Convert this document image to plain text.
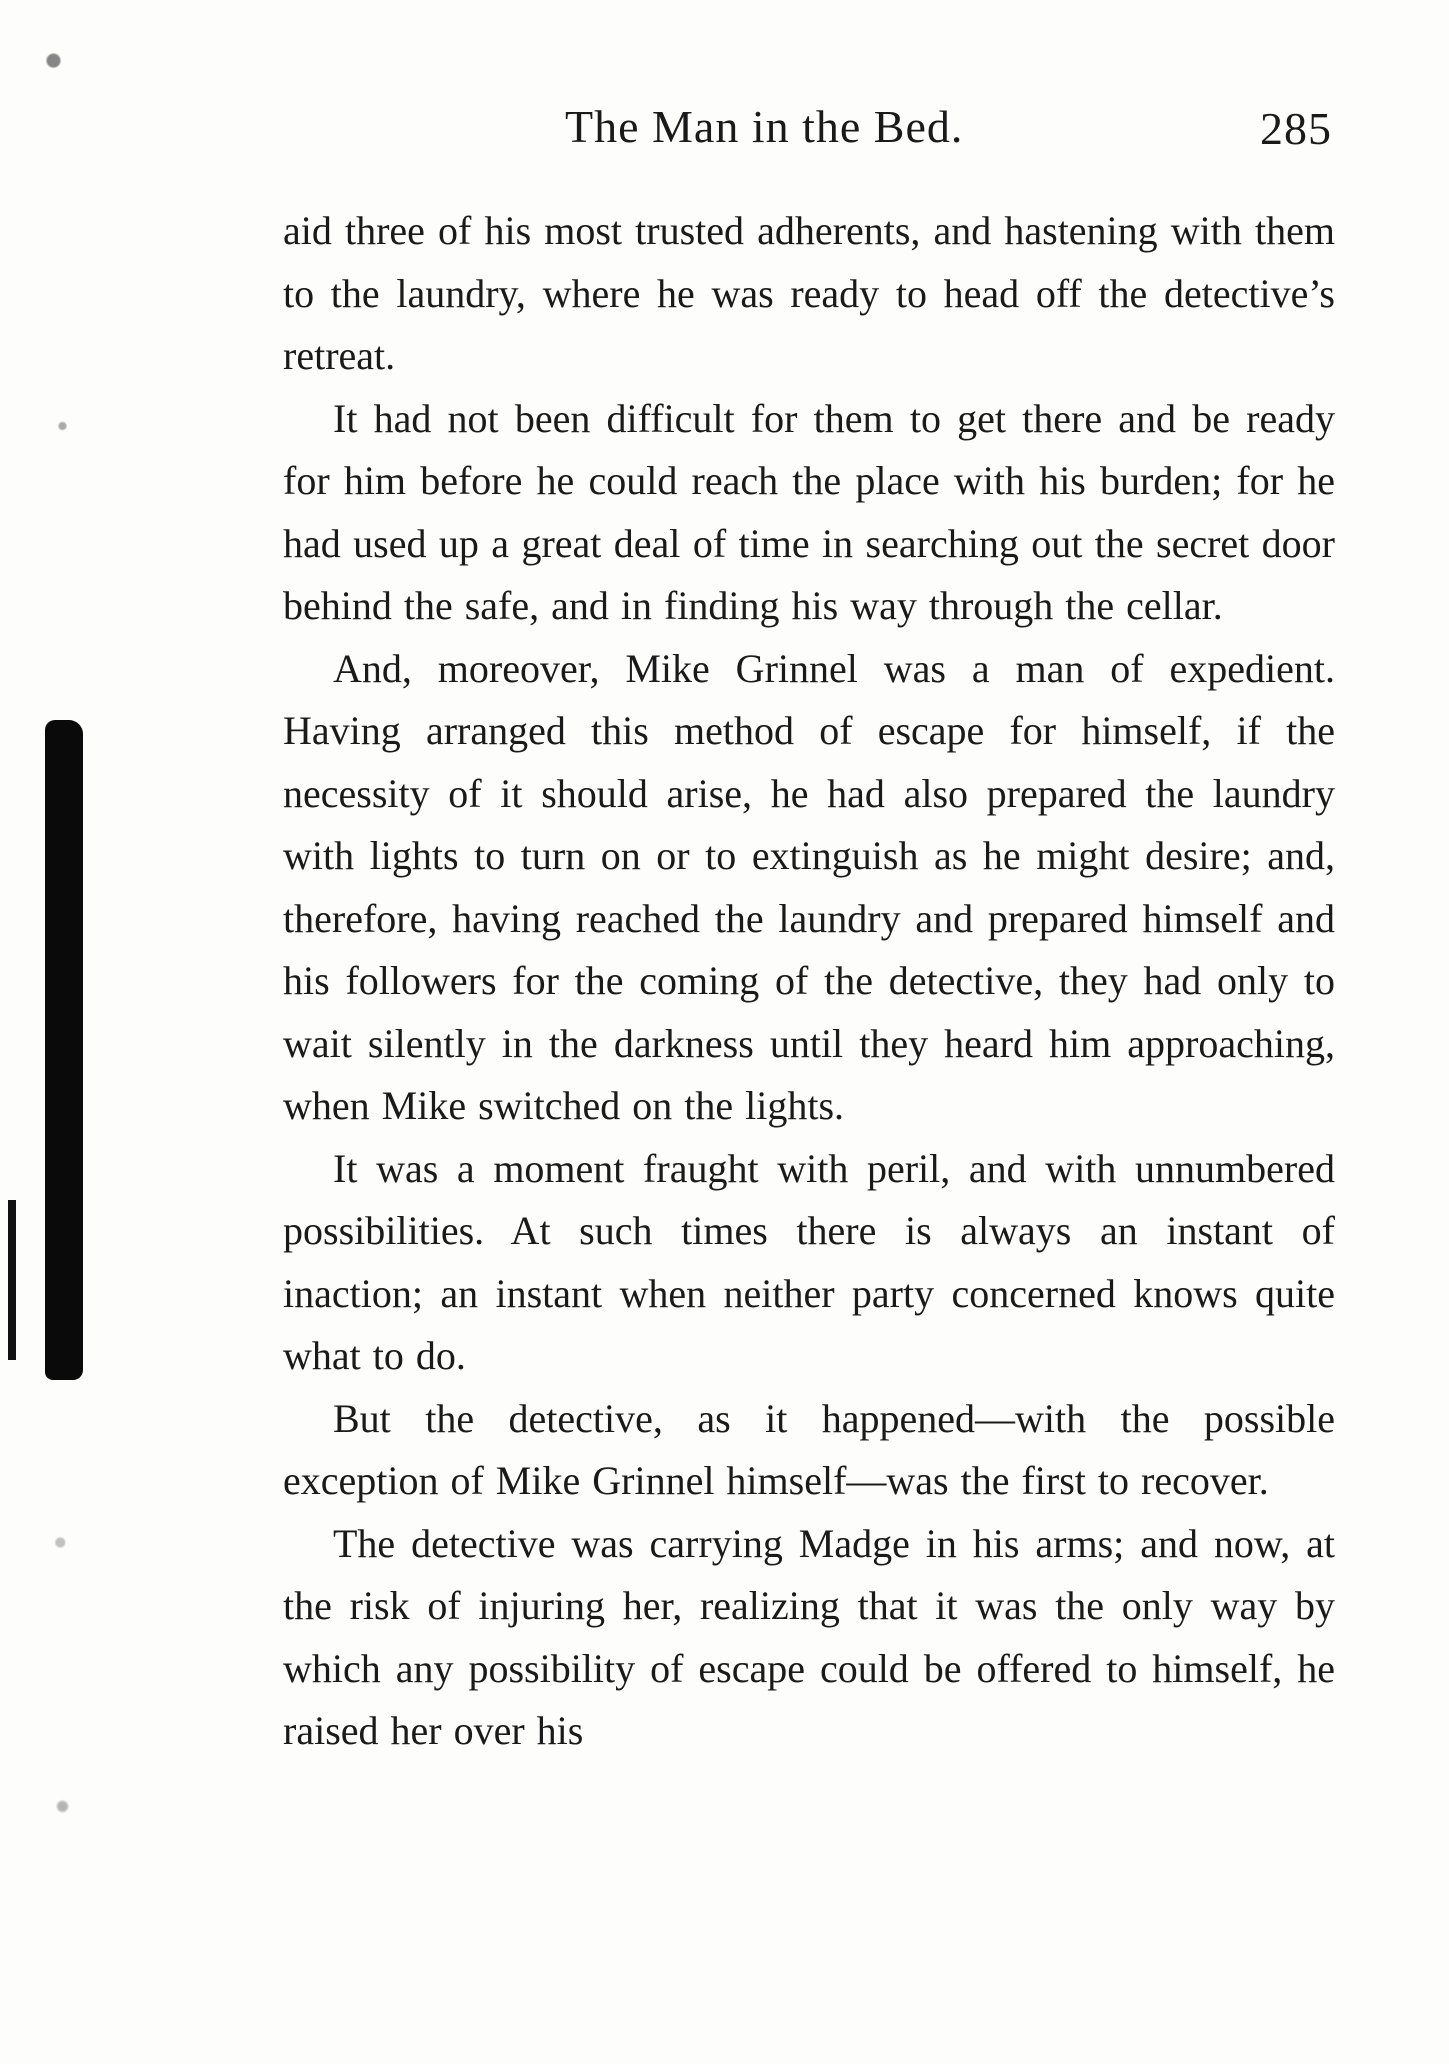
The Man in the Bed.	285

aid three of his most trusted adherents, and hastening with them to the laundry, where he was ready to head off the detective’s retreat.

It had not been difficult for them to get there and be ready for him before he could reach the place with his burden; for he had used up a great deal of time in searching out the secret door behind the safe, and in finding his way through the cellar.

And, moreover, Mike Grinnel was a man of expedient. Having arranged this method of escape for himself, if the necessity of it should arise, he had also prepared the laundry with lights to turn on or to extinguish as he might desire; and, therefore, having reached the laundry and prepared himself and his followers for the coming of the detective, they had only to wait silently in the darkness until they heard him approaching, when Mike switched on the lights.

It was a moment fraught with peril, and with unnumbered possibilities. At such times there is always an instant of inaction; an instant when neither party concerned knows quite what to do.

But the detective, as it happened—with the possible exception of Mike Grinnel himself—was the first to recover.

The detective was carrying Madge in his arms; and now, at the risk of injuring her, realizing that it was the only way by which any possibility of escape could be offered to himself, he raised her over his
